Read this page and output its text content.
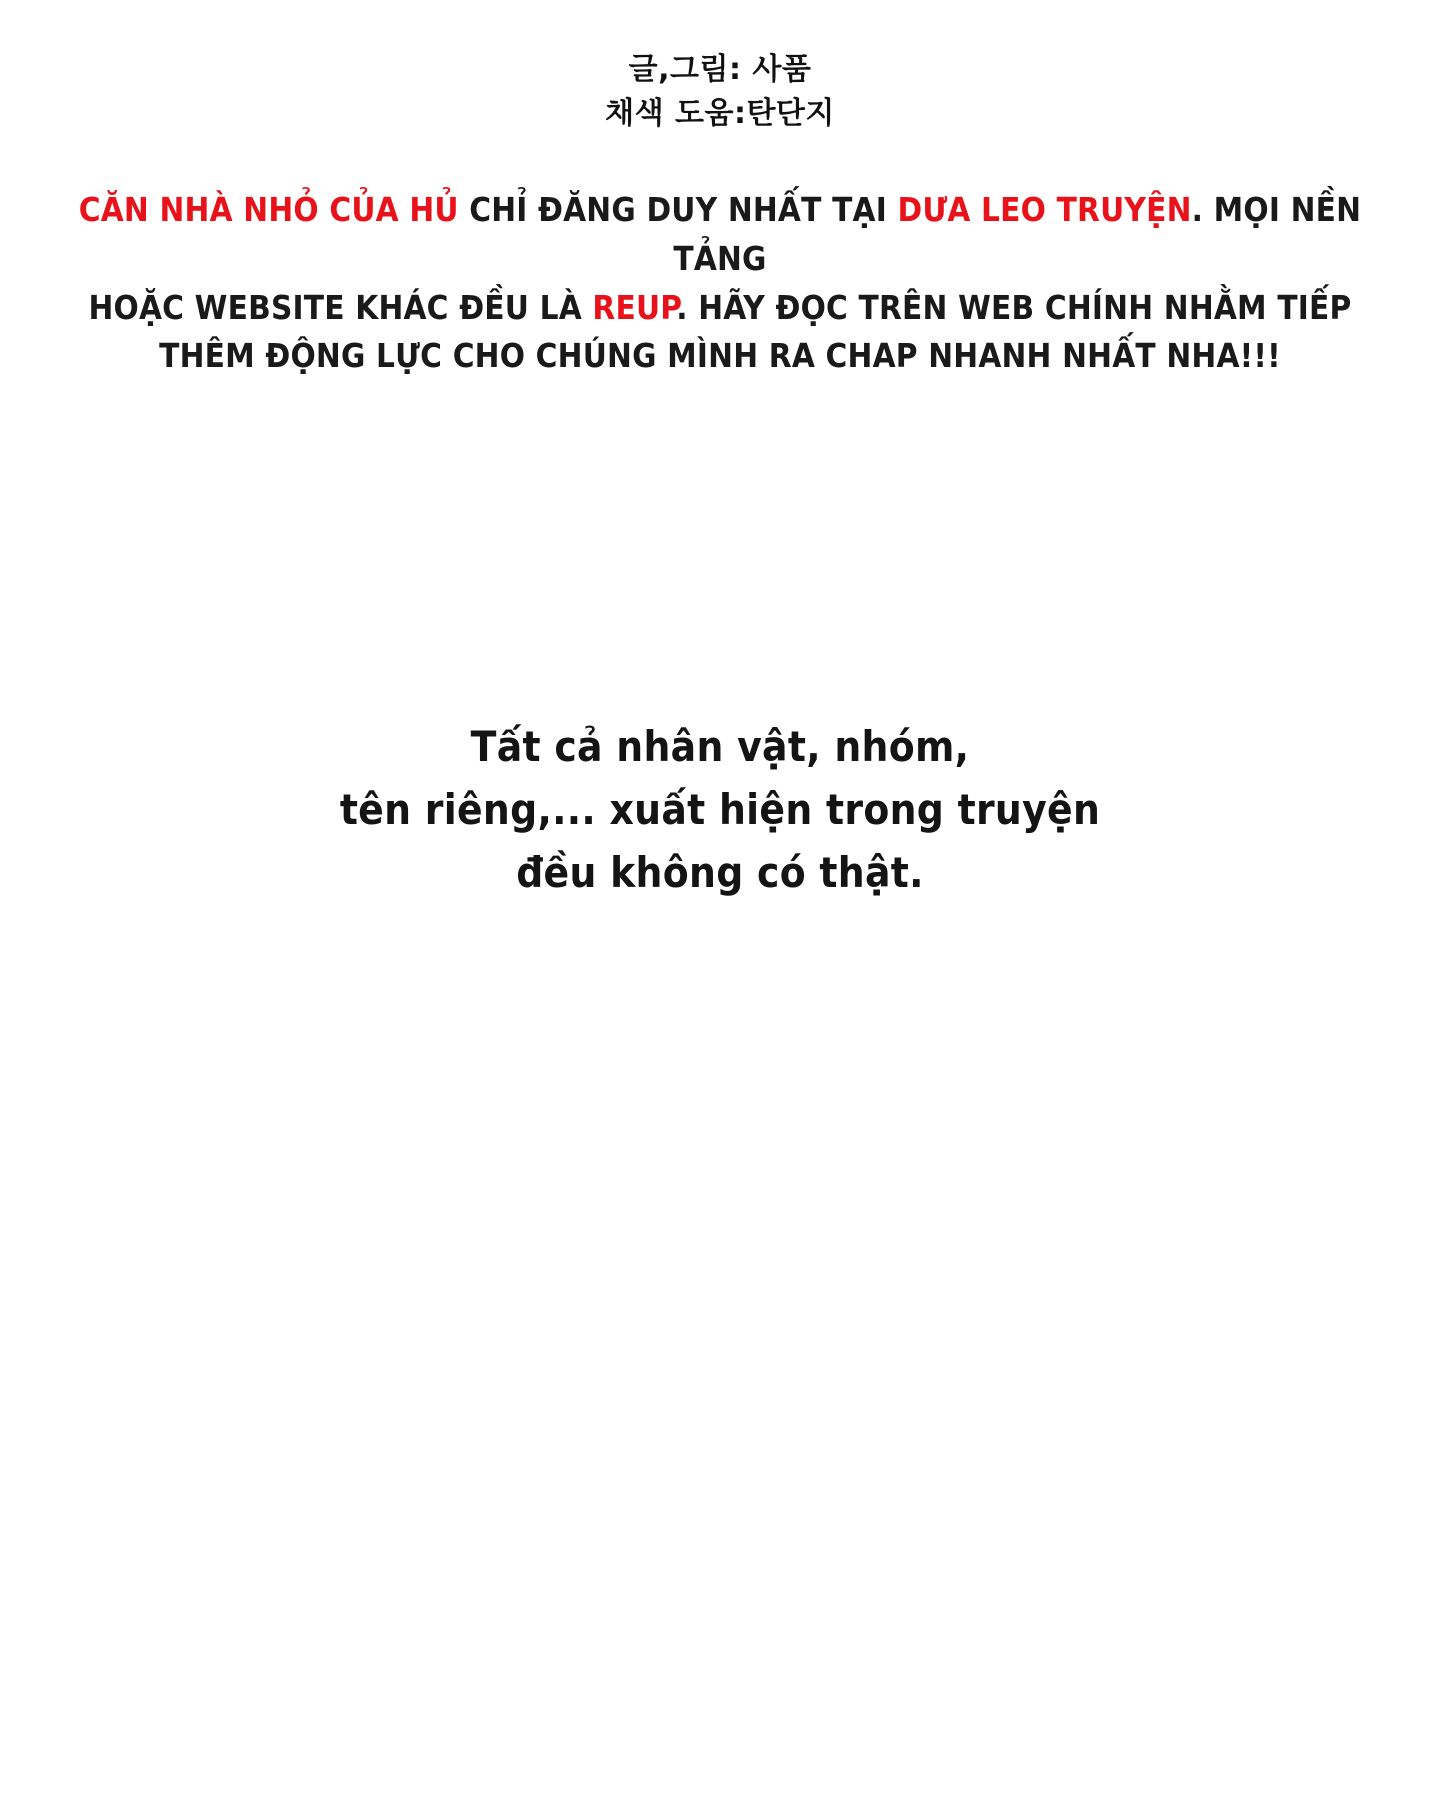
글,그림: 사품
채색 도움:탄단지
CĂN NHÀ NHỎ CỦA HỦ CHỈ ĐĂNG DUY NHẤT TẠI DƯA LEO TRUYỆN. MỌI NỀN TẢNG
HOẶC WEBSITE KHÁC ĐỀU LÀ REUP. HÃY ĐỌC TRÊN WEB CHÍNH NHẰM TIẾP
THÊM ĐỘNG LỰC CHO CHÚNG MÌNH RA CHAP NHANH NHẤT NHA!!!
Tất cả nhân vật, nhóm,
tên riêng,... xuất hiện trong truyện
đều không có thật.
